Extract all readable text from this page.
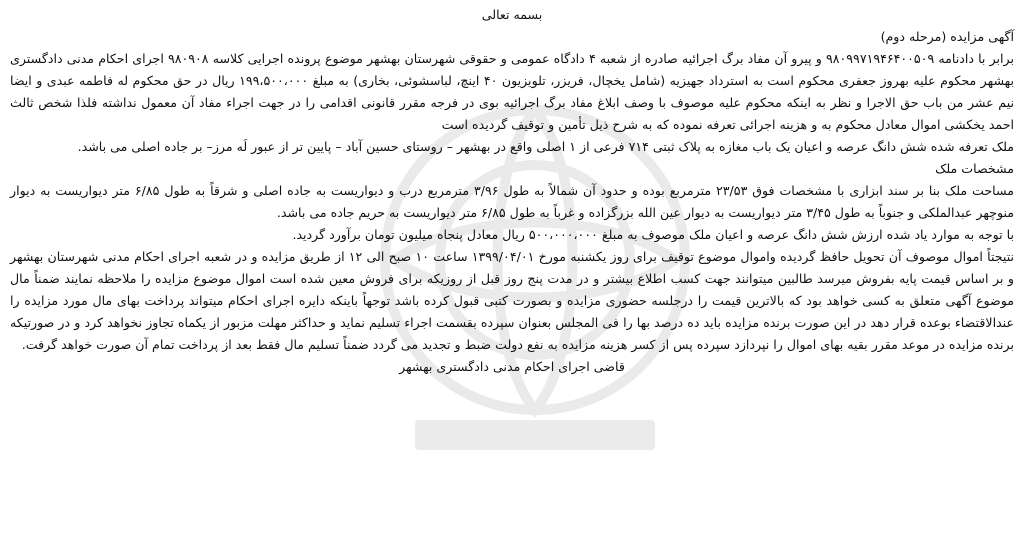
بسمه تعالی

آگهی مزایده (مرحله دوم)

برابر با دادنامه ۹۸۰۹۹۷۱۹۴۶۴۰۰۵۰۹ و پیرو آن مفاد برگ اجرائیه صادره از شعبه ۴ دادگاه عمومی و حقوقی شهرستان بهشهر موضوع پرونده اجرایی کلاسه ۹۸۰۹۰۸ اجرای احکام مدنی دادگستری بهشهر محکوم علیه بهروز جعفری محکوم است به استرداد جهیزیه (شامل یخچال، فریزر، تلویزیون ۴۰ اینچ، لباسشوئی، بخاری) به مبلغ ۱۹۹،۵۰۰،۰۰۰ ریال در حق محکوم له فاطمه عبدی و ایضا نیم عشر من باب حق الاجرا و نظر به اینکه محکوم علیه موصوف با وصف ابلاغ مفاد برگ اجرائیه بوی در فرجه مقرر قانونی اقدامی را در جهت اجراء مفاد آن معمول نداشته فلذا شخص ثالث احمد یخکشی اموال معادل محکوم به و هزینه اجرائی تعرفه نموده که به شرح ذیل تأمین و توقیف گردیده است

ملک تعرفه شده شش دانگ عرصه و اعیان یک باب مغازه به پلاک ثبتی ۷۱۴ فرعی از ۱ اصلی واقع در بهشهر – روستای حسین آباد – پایین تر از عبور لَه مرز– بر جاده اصلی می باشد.

مشخصات ملک

مساحت ملک بنا بر سند ابزاری با مشخصات فوق ۲۳/۵۳ مترمربع بوده و حدود آن شمالاً به طول ۳/۹۶ مترمربع درب و دیواریست به جاده اصلی و شرقاً به طول ۶/۸۵ متر دیواریست به دیوار منوچهر عبدالملکی و جنوباً به طول ۳/۴۵ متر دیواریست به دیوار عین الله بزرگزاده و غرباً به طول ۶/۸۵ متر دیواریست به حریم جاده می باشد.

با توجه به موارد یاد شده ارزش شش دانگ عرصه و اعیان ملک موصوف به مبلغ ۵۰۰،۰۰۰،۰۰۰ ریال معادل پنجاه میلیون تومان برآورد گردید.

نتیجتاً اموال موصوف آن تحویل حافظ گردیده واموال موضوع توقیف برای روز یکشنبه مورخ ۱۳۹۹/۰۴/۰۱ ساعت ۱۰ صبح الی ۱۲ از طریق مزایده و در شعبه اجرای احکام مدنی شهرستان بهشهر و بر اساس قیمت پایه بفروش میرسد طالبین میتوانند جهت کسب اطلاع بیشتر و در مدت پنج روز قبل از روزیکه برای فروش معین شده است اموال موضوع مزایده را ملاحظه نمایند ضمناً مال موضوع آگهی متعلق به کسی خواهد بود که بالاترین قیمت را درجلسه حضوری مزایده و بصورت کتبی قبول کرده باشد توجهاً باینکه دایره اجرای احکام میتواند پرداخت بهای مال مورد مزایده را عندالاقتضاء بوعده قرار دهد در این صورت برنده مزایده باید ده درصد بها را فی المجلس بعنوان سپرده بقسمت اجراء تسلیم نماید و حداکثر مهلت مزبور از یکماه تجاوز نخواهد کرد و در صورتیکه برنده مزایده در موعد مقرر بقیه بهای اموال را نپردازد سپرده پس از کسر هزینه مزایده به نفع دولت ضبط و تجدید می گردد ضمناً تسلیم مال فقط بعد از پرداخت تمام آن صورت خواهد گرفت.

قاضی اجرای احکام مدنی دادگستری بهشهر
